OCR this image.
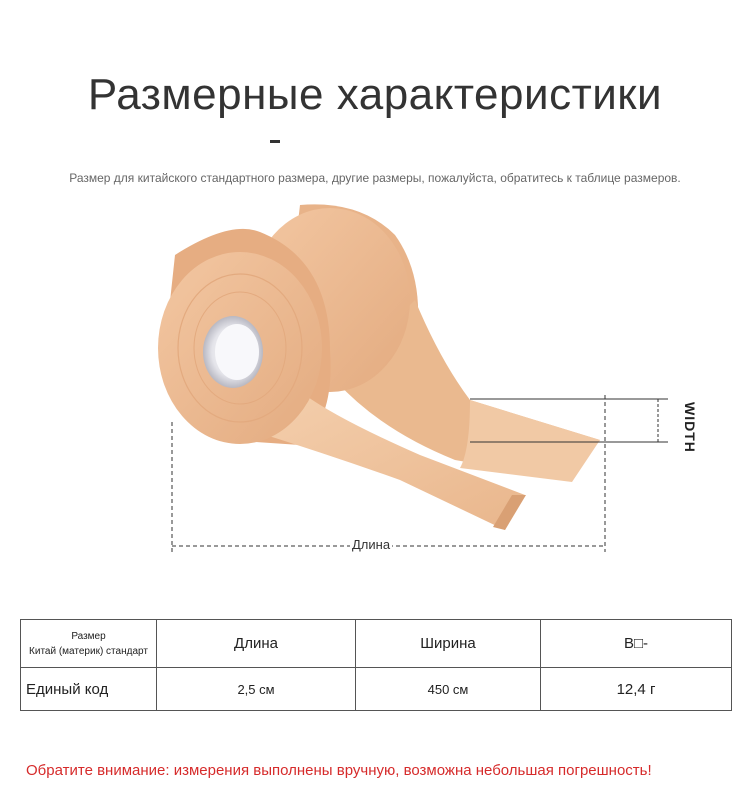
Размерные характеристики
Размер для китайского стандартного размера, другие размеры, пожалуйста, обратитесь к таблице размеров.
Длина
WIDTH
Размер
Китай (материк) стандарт	Длина	Ширина	B□-
Единый код	2,5 см	450 см	12,4 г
Обратите внимание: измерения выполнены вручную, возможна небольшая погрешность!
